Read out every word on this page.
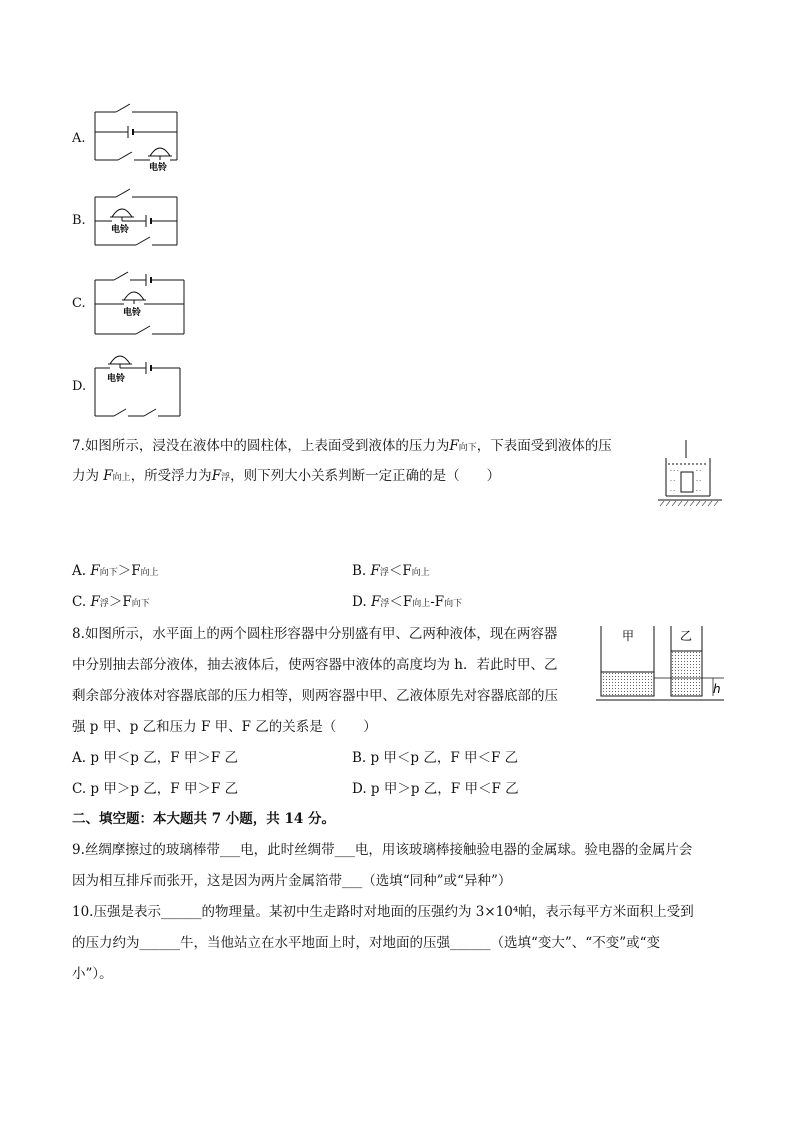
A.
电铃
B.
电铃
C.
电铃
D. 电铃
7.如图所示，浸没在液体中的圆柱体，上表面受到液体的压力为F向下，下表面受到液体的压
力为 F向上，所受浮力为F浮，则下列大小关系判断一定正确的是（　　）	- - -	- -
- -	- -
- -	- -
A. F向下＞F向上	B. F浮＜F向上
C. F浮＞F向下	D. F浮＜F向上-F向下
8.如图所示，水平面上的两个圆柱形容器中分别盛有甲、乙两种液体，现在两容器
中分别抽去部分液体，抽去液体后，使两容器中液体的高度均为 h．若此时甲、乙
剩余部分液体对容器底部的压力相等，则两容器中甲、乙液体原先对容器底部的压
强 p 甲、p 乙和压力 F 甲、F 乙的关系是（　　）
甲	乙
h
A. p 甲＜p 乙，F 甲＞F 乙	B. p 甲＜p 乙，F 甲＜F 乙
C. p 甲＞p 乙，F 甲＞F 乙	D. p 甲＞p 乙，F 甲＜F 乙
二、填空题：本大题共 7 小题，共 14 分。
9.丝绸摩擦过的玻璃棒带___电，此时丝绸带___电，用该玻璃棒接触验电器的金属球。验电器的金属片会
因为相互排斥而张开，这是因为两片金属箔带___（选填“同种”或“异种”）
10.压强是表示______的物理量。某初中生走路时对地面的压强约为 3×10⁴帕，表示每平方米面积上受到
的压力约为______牛，当他站立在水平地面上时，对地面的压强______（选填“变大”、“不变”或“变
小”）。
